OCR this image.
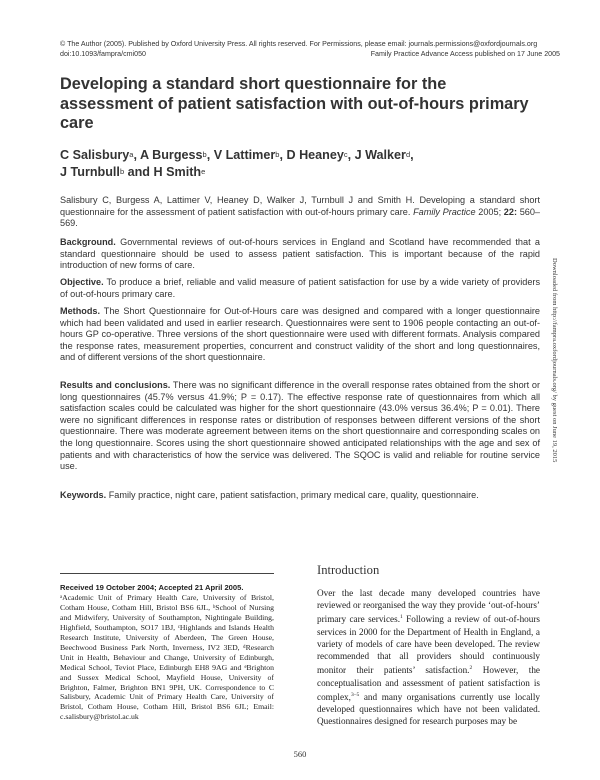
© The Author (2005). Published by Oxford University Press. All rights reserved. For Permissions, please email: journals.permissions@oxfordjournals.org
doi:10.1093/fampra/cmi050	Family Practice Advance Access published on 17 June 2005
Developing a standard short questionnaire for the assessment of patient satisfaction with out-of-hours primary care
C Salisbury$^a$, A Burgess$^b$, V Lattimer$^b$, D Heaney$^c$, J Walker$^d$,
J Turnbull$^b$ and H Smith$^e$
Salisbury C, Burgess A, Lattimer V, Heaney D, Walker J, Turnbull J and Smith H. Developing a standard short questionnaire for the assessment of patient satisfaction with out-of-hours primary care. Family Practice 2005; 22: 560–569.
Background. Governmental reviews of out-of-hours services in England and Scotland have recommended that a standard questionnaire should be used to assess patient satisfaction. This is important because of the rapid introduction of new forms of care.
Objective. To produce a brief, reliable and valid measure of patient satisfaction for use by a wide variety of providers of out-of-hours primary care.
Methods. The Short Questionnaire for Out-of-Hours care was designed and compared with a longer questionnaire which had been validated and used in earlier research. Questionnaires were sent to 1906 people contacting an out-of-hours GP co-operative. Three versions of the short questionnaire were used with different formats. Analysis compared the response rates, measurement properties, concurrent and construct validity of the short and long questionnaires, and of different versions of the short questionnaire.
Results and conclusions. There was no significant difference in the overall response rates obtained from the short or long questionnaires (45.7% versus 41.9%; P = 0.17). The effective response rate of questionnaires from which all satisfaction scales could be calculated was higher for the short questionnaire (43.0% versus 36.4%; P = 0.01). There were no significant differences in response rates or distribution of responses between different versions of the short questionnaire. There was moderate agreement between items on the short questionnaire and corresponding scales on the long questionnaire. Scores using the short questionnaire showed anticipated relationships with the age and sex of patients and with characteristics of how the service was delivered. The SQOC is valid and reliable for routine service use.
Keywords. Family practice, night care, patient satisfaction, primary medical care, quality, questionnaire.
Downloaded from http://fampra.oxfordjournals.org/ by guest on June 19, 2015
Introduction
Received 19 October 2004; Accepted 21 April 2005.
ᵃAcademic Unit of Primary Health Care, University of Bristol, Cotham House, Cotham Hill, Bristol BS6 6JL, ᵇSchool of Nursing and Midwifery, University of Southampton, Nightingale Building, Highfield, Southampton, SO17 1BJ, ᶜHighlands and Islands Health Research Institute, University of Aberdeen, The Green House, Beechwood Business Park North, Inverness, IV2 3ED, ᵈResearch Unit in Health, Behaviour and Change, University of Edinburgh, Medical School, Teviot Place, Edinburgh EH8 9AG and ᵉBrighton and Sussex Medical School, Mayfield House, University of Brighton, Falmer, Brighton BN1 9PH, UK. Correspondence to C Salisbury, Academic Unit of Primary Health Care, University of Bristol, Cotham House, Cotham Hill, Bristol BS6 6JL; Email: c.salisbury@bristol.ac.uk
Over the last decade many developed countries have reviewed or reorganised the way they provide ‘out-of-hours’ primary care services.$^1$ Following a review of out-of-hours services in 2000 for the Department of Health in England, a variety of models of care have been developed. The review recommended that all providers should continuously monitor their patients’ satisfaction.$^2$ However, the conceptualisation and assessment of patient satisfaction is complex,$^{3-5}$ and many organisations currently use locally developed questionnaires which have not been validated. Questionnaires designed for research purposes may be
560
